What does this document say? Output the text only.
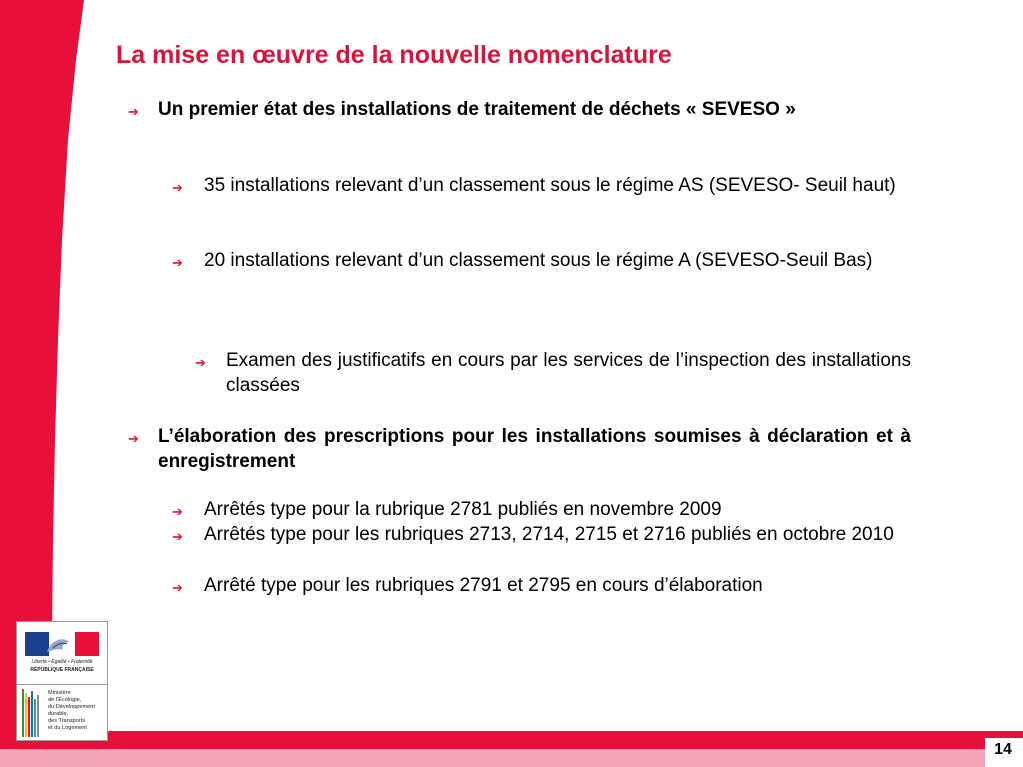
14
La mise en œuvre de la nouvelle nomenclature
➔ Un premier état des installations de traitement de déchets « SEVESO »
➔ 35 installations relevant d’un classement sous le régime AS (SEVESO- Seuil haut)
➔ 20 installations relevant d’un classement sous le régime A (SEVESO-Seuil Bas)
➔ Examen des justificatifs en cours par les services de l’inspection des installations classées
➔ L’élaboration des prescriptions pour les installations soumises à déclaration et à enregistrement
➔ Arrêtés type pour la rubrique 2781 publiés en novembre 2009
➔ Arrêtés type pour les rubriques 2713, 2714, 2715 et 2716 publiés en octobre 2010
➔ Arrêté type pour les rubriques 2791 et 2795 en cours d’élaboration
Liberté • Égalité • Fraternité
RÉPUBLIQUE FRANÇAISE
Ministère
de l’Écologie,
du Développement
durable,
des Transports
et du Logement
